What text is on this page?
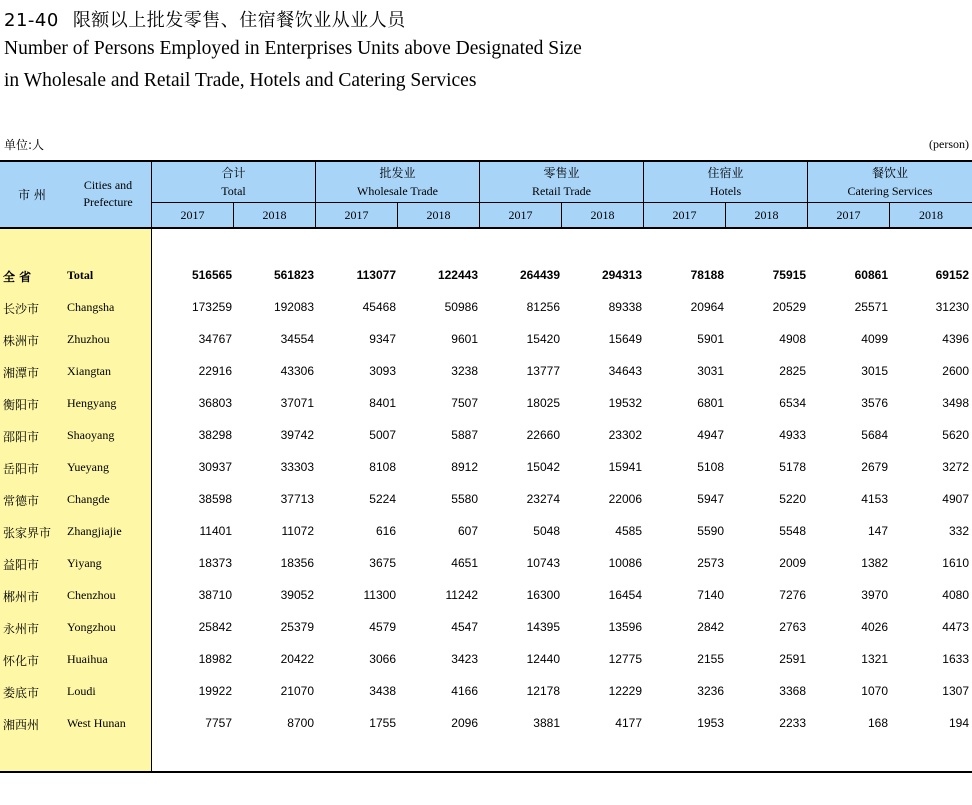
21-40 限额以上批发零售、住宿餐饮业从业人员
Number of Persons Employed in Enterprises Units above Designated Size
in Wholesale and Retail Trade, Hotels and Catering Services
单位:人	(person)
市 州
Cities and
Prefecture
合计
Total
批发业
Wholesale Trade
零售业
Retail Trade
住宿业
Hotels
餐饮业
Catering Services
2017	2018	2017	2018	2017	2018	2017	2018	2017	2018
全 省	Total	516565	561823	113077	122443	264439	294313	78188	75915	60861	69152
长沙市 Changsha	173259	192083	45468	50986	81256	89338	20964	20529	25571	31230
株洲市 Zhuzhou	34767	34554	9347	9601	15420	15649	5901	4908	4099	4396
湘潭市 Xiangtan	22916	43306	3093	3238	13777	34643	3031	2825	3015	2600
衡阳市 Hengyang	36803	37071	8401	7507	18025	19532	6801	6534	3576	3498
邵阳市 Shaoyang	38298	39742	5007	5887	22660	23302	4947	4933	5684	5620
岳阳市 Yueyang	30937	33303	8108	8912	15042	15941	5108	5178	2679	3272
常德市 Changde	38598	37713	5224	5580	23274	22006	5947	5220	4153	4907
张家界市 Zhangjiajie	11401	11072	616	607	5048	4585	5590	5548	147	332
益阳市 Yiyang	18373	18356	3675	4651	10743	10086	2573	2009	1382	1610
郴州市 Chenzhou	38710	39052	11300	11242	16300	16454	7140	7276	3970	4080
永州市 Yongzhou	25842	25379	4579	4547	14395	13596	2842	2763	4026	4473
怀化市 Huaihua	18982	20422	3066	3423	12440	12775	2155	2591	1321	1633
娄底市 Loudi	19922	21070	3438	4166	12178	12229	3236	3368	1070	1307
湘西州 West Hunan	7757	8700	1755	2096	3881	4177	1953	2233	168	194
